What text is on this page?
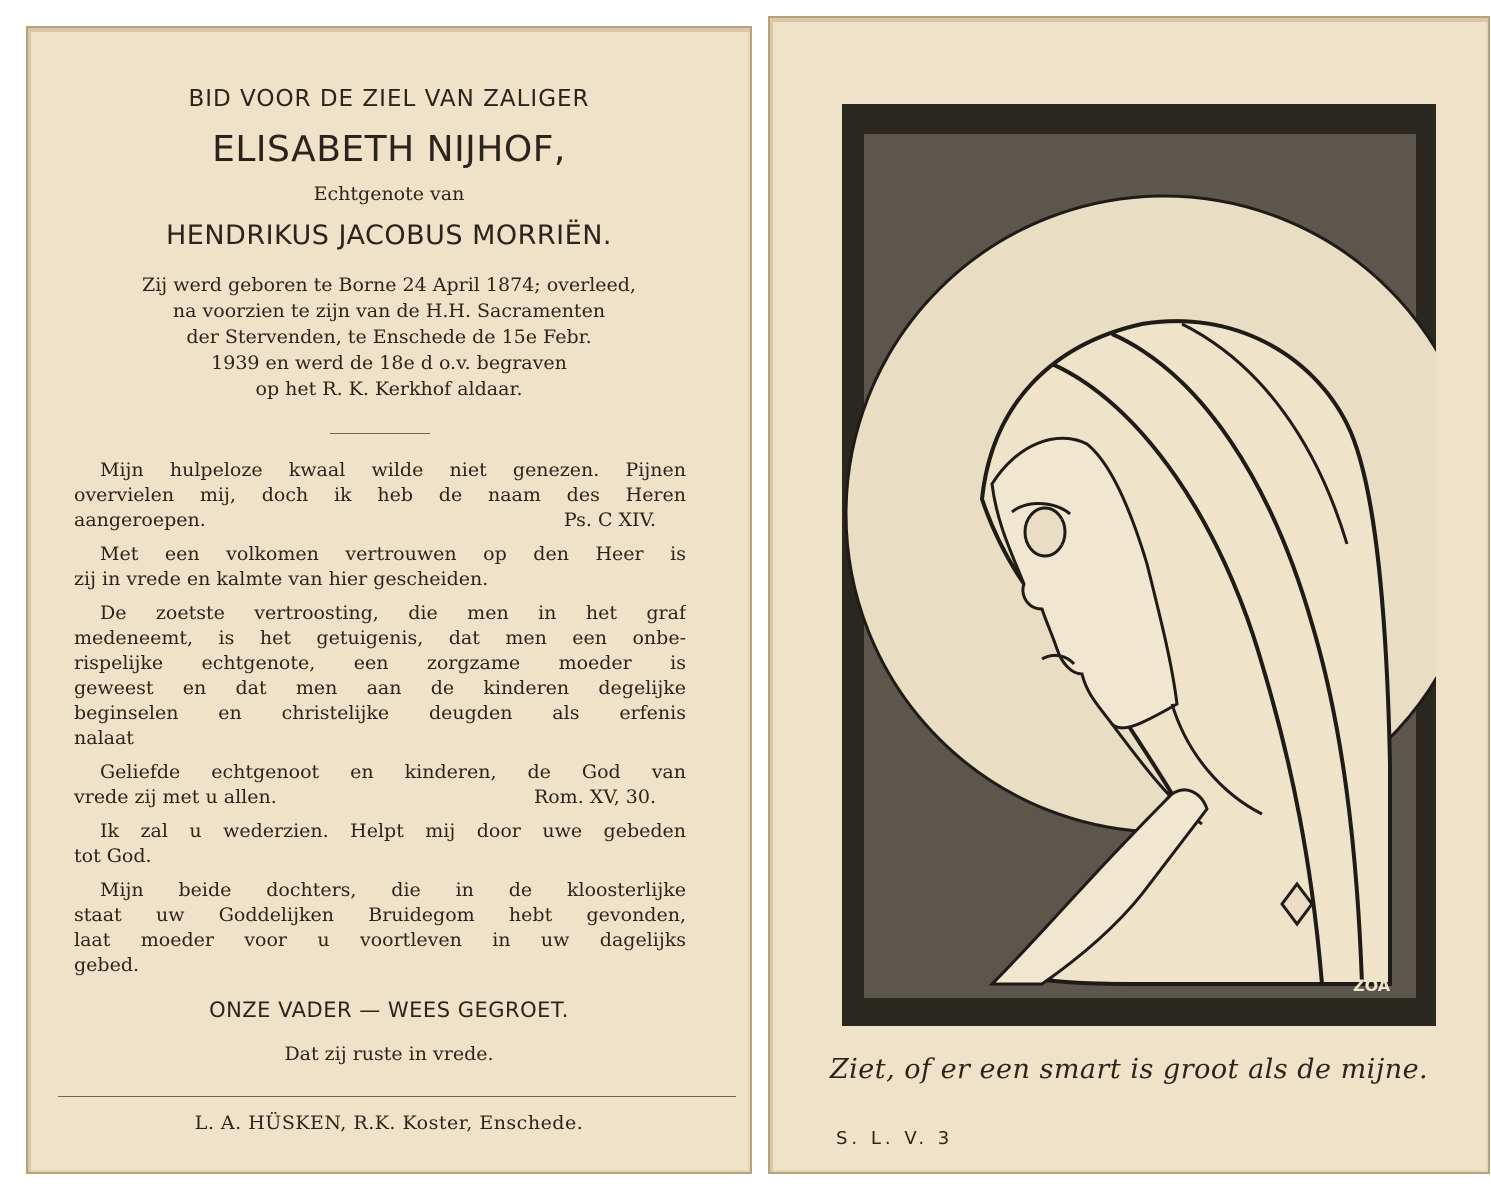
BID VOOR DE ZIEL VAN ZALIGER
ELISABETH NIJHOF,
Echtgenote van
HENDRIKUS JACOBUS MORRIËN.
Zij werd geboren te Borne 24 April 1874; overleed,
na voorzien te zijn van de H.H. Sacramenten
der Stervenden, te Enschede de 15e Febr.
1939 en werd de 18e d o.v. begraven
op het R. K. Kerkhof aldaar.
Mijn hulpeloze kwaal wilde niet genezen. Pijnen
overvielen mij, doch ik heb de naam des Heren
aangeroepen.	Ps. C XIV.
Met een volkomen vertrouwen op den Heer is
zij in vrede en kalmte van hier gescheiden.
De zoetste vertroosting, die men in het graf
medeneemt, is het getuigenis, dat men een onbe-
rispelijke echtgenote, een zorgzame moeder is
geweest en dat men aan de kinderen degelijke
beginselen en christelijke deugden als erfenis
nalaat
Geliefde echtgenoot en kinderen, de God van
vrede zij met u allen.	Rom. XV, 30.
Ik zal u wederzien. Helpt mij door uwe gebeden
tot God.
Mijn beide dochters, die in de kloosterlijke
staat uw Goddelijken Bruidegom hebt gevonden,
laat moeder voor u voortleven in uw dagelijks
gebed.
ONZE VADER — WEES GEGROET.
Dat zij ruste in vrede.
L. A. HÜSKEN, R.K. Koster, Enschede.
ZOA
Ziet, of er een smart is groot als de mijne.
S. L. V. 3
